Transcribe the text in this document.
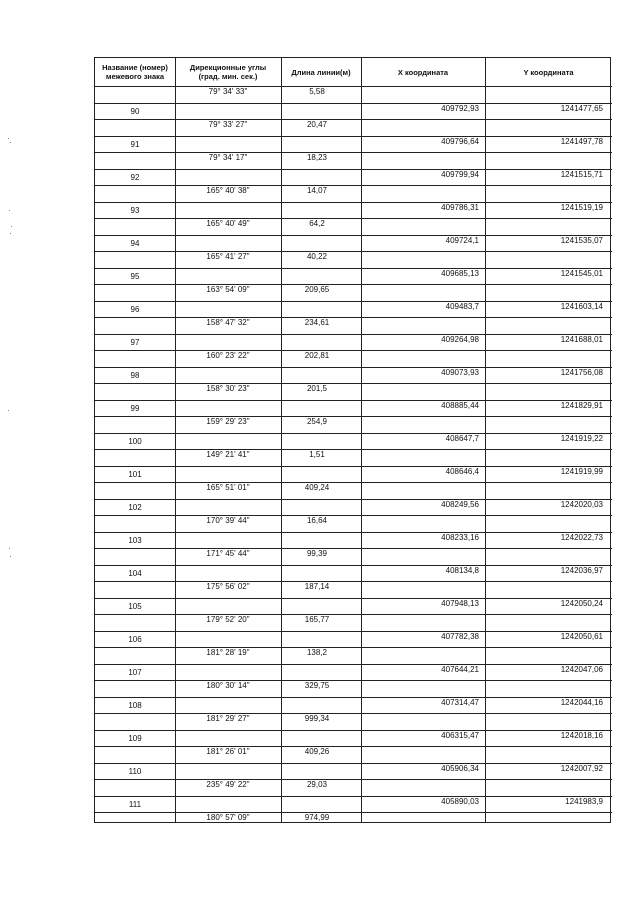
Название (номер)
межевого знака
Дирекционные углы
(град. мин. сек.)	Длина линии(м)	X координата	Y координата
79° 34' 33"	5,58
79° 33' 27"	20,47
79° 34' 17"	18,23
165° 40' 38"	14,07
165° 40' 49"	64,2
165° 41' 27"	40,22
163° 54' 09"	209,65
158° 47' 32"	234,61
160° 23' 22"	202,81
158° 30' 23"	201,5
159° 29' 23"	254,9
149° 21' 41"	1,51
165° 51' 01"	409,24
170° 39' 44"	16,64
171° 45' 44"	99,39
175° 56' 02"	187,14
179° 52' 20"	165,77
181° 28' 19"	138,2
180° 30' 14"	329,75
181° 29' 27"	999,34
181° 26' 01"	409,26
235° 49' 22"	29,03
180° 57' 09"	974,99
90	409792,93	1241477,65
91	409796,64	1241497,78
92	409799,94	1241515,71
93	409786,31	1241519,19
94	409724,1	1241535,07
95	409685,13	1241545,01
96	409483,7	1241603,14
97	409264,98	1241688,01
98	409073,93	1241756,08
99	408885,44	1241829,91
100	408647,7	1241919,22
101	408646,4	1241919,99
102	408249,56	1242020,03
103	408233,16	1242022,73
104	408134,8	1242036,97
105	407948,13	1242050,24
106	407782,38	1242050,61
107	407644,21	1242047,06
108	407314,47	1242044,16
109	406315,47	1242018,16
110	405906,34	1242007,92
111	405890,03	1241983,9
